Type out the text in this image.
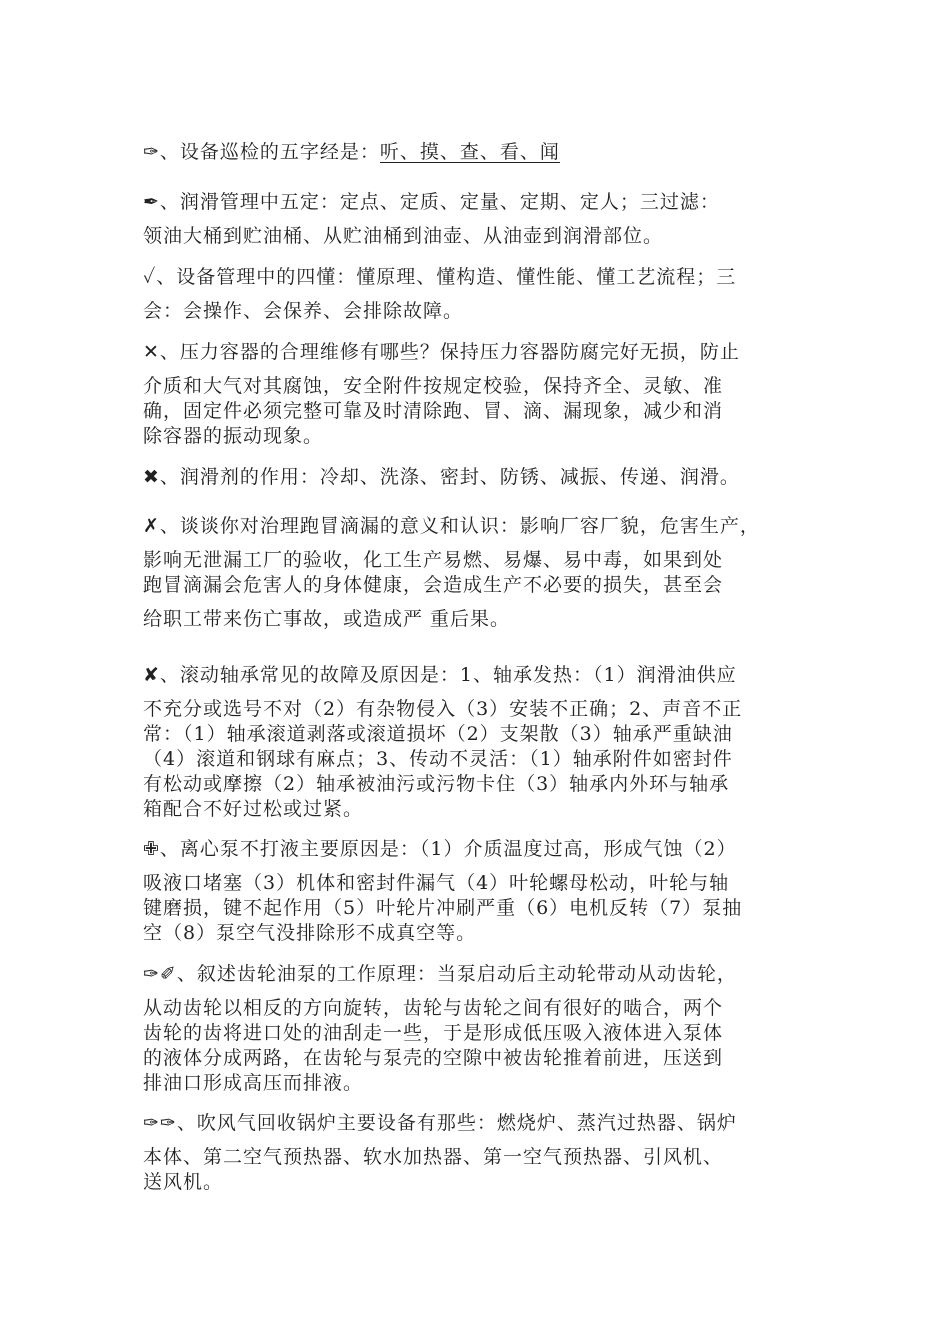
✑、设备巡检的五字经是：听、摸、查、看、闻

✒、润滑管理中五定：定点、定质、定量、定期、定人；三过滤：
领油大桶到贮油桶、从贮油桶到油壶、从油壶到润滑部位。

✓、设备管理中的四懂：懂原理、懂构造、懂性能、懂工艺流程；三
会：会操作、会保养、会排除故障。

✕、压力容器的合理维修有哪些？保持压力容器防腐完好无损，防止
介质和大气对其腐蚀，安全附件按规定校验，保持齐全、灵敏、准
确，固定件必须完整可靠及时清除跑、冒、滴、漏现象，减少和消
除容器的振动现象。

✖、润滑剂的作用：冷却、洗涤、密封、防锈、减振、传递、润滑。

✗、谈谈你对治理跑冒滴漏的意义和认识：影响厂容厂貌，危害生产，
影响无泄漏工厂的验收，化工生产易燃、易爆、易中毒，如果到处
跑冒滴漏会危害人的身体健康，会造成生产不必要的损失，甚至会
给职工带来伤亡事故，或造成严 重后果。

✘、滚动轴承常见的故障及原因是：1、轴承发热：（1）润滑油供应
不充分或选号不对（2）有杂物侵入（3）安装不正确；2、声音不正
常：（1）轴承滚道剥落或滚道损坏（2）支架散（3）轴承严重缺油
（4）滚道和钢球有麻点；3、传动不灵活：（1）轴承附件如密封件
有松动或摩擦（2）轴承被油污或污物卡住（3）轴承内外环与轴承
箱配合不好过松或过紧。

✙、离心泵不打液主要原因是：（1）介质温度过高，形成气蚀（2）
吸液口堵塞（3）机体和密封件漏气（4）叶轮螺母松动，叶轮与轴
键磨损，键不起作用（5）叶轮片冲刷严重（6）电机反转（7）泵抽
空（8）泵空气没排除形不成真空等。

✑✐、叙述齿轮油泵的工作原理：当泵启动后主动轮带动从动齿轮，
从动齿轮以相反的方向旋转，齿轮与齿轮之间有很好的啮合，两个
齿轮的齿将进口处的油刮走一些，于是形成低压吸入液体进入泵体
的液体分成两路，在齿轮与泵壳的空隙中被齿轮推着前进，压送到
排油口形成高压而排液。

✑✑、吹风气回收锅炉主要设备有那些：燃烧炉、蒸汽过热器、锅炉
本体、第二空气预热器、软水加热器、第一空气预热器、引风机、
送风机。
